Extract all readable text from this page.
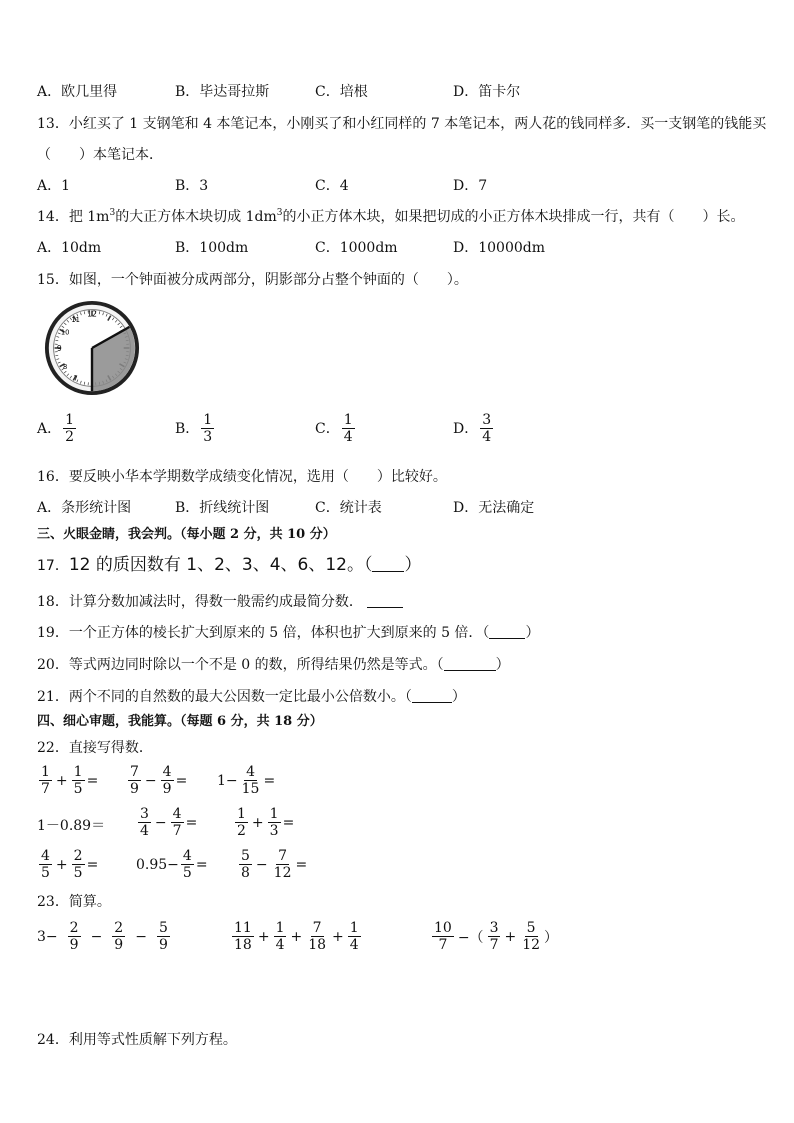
A．欧几里得	B．毕达哥拉斯	C．培根	D．笛卡尔
13．小红买了 1 支钢笔和 4 本笔记本，小刚买了和小红同样的 7 本笔记本，两人花的钱同样多．买一支钢笔的钱能买
（　　）本笔记本．
A．1	B．3	C．4	D．7
14．把 $1m^3$的大正方体木块切成 $1dm^3$的小正方体木块，如果把切成的小正方体木块排成一行，共有（　　）长。
A．10dm	B．100dm	C．1000dm	D．10000dm
15．如图，一个钟面被分成两部分，阴影部分占整个钟面的（　　）。
12
9
10
11
8
7
A． $\frac{1}{2}$	B． $\frac{1}{3}$	C． $\frac{1}{4}$	D． $\frac{3}{4}$
16．要反映小华本学期数学成绩变化情况，选用（　　）比较好。
A．条形统计图	B．折线统计图	C．统计表	D．无法确定
三、火眼金睛，我会判。（每小题 2 分，共 10 分）
17．12 的质因数有 1、2、3、4、6、12。（ ）
18．计算分数加减法时，得数一般需约成最简分数．
19．一个正方体的棱长扩大到原来的 5 倍，体积也扩大到原来的 5 倍．（	）
20．等式两边同时除以一个不是 0 的数，所得结果仍然是等式。（	）
21．两个不同的自然数的最大公因数一定比最小公倍数小。（	）
四、细心审题，我能算。（每题 6 分，共 18 分）
22．直接写得数．
$\frac{1}{7} + \frac{1}{5} = \frac{7}{9} - \frac{4}{9} = 1- \frac{4}{15}$ =
$1-0.89= \frac{3}{4} - \frac{4}{7}$ =	$\frac{1}{2} + \frac{1}{3}$ =
$\frac{4}{5} + \frac{2}{5}$ =	$0.95- \frac{4}{5} = \frac{5}{8} - \frac{7}{12}$ =
23．简算。
$3- \frac{2}{9} - \frac{2}{9} - \frac{5}{9}$	$\frac{11}{18} + \frac{1}{4} + \frac{7}{18} + \frac{1}{4}$	$\frac{10}{7}$ −（ $\frac{3}{7} + \frac{5}{12}$ ）
24．利用等式性质解下列方程。
